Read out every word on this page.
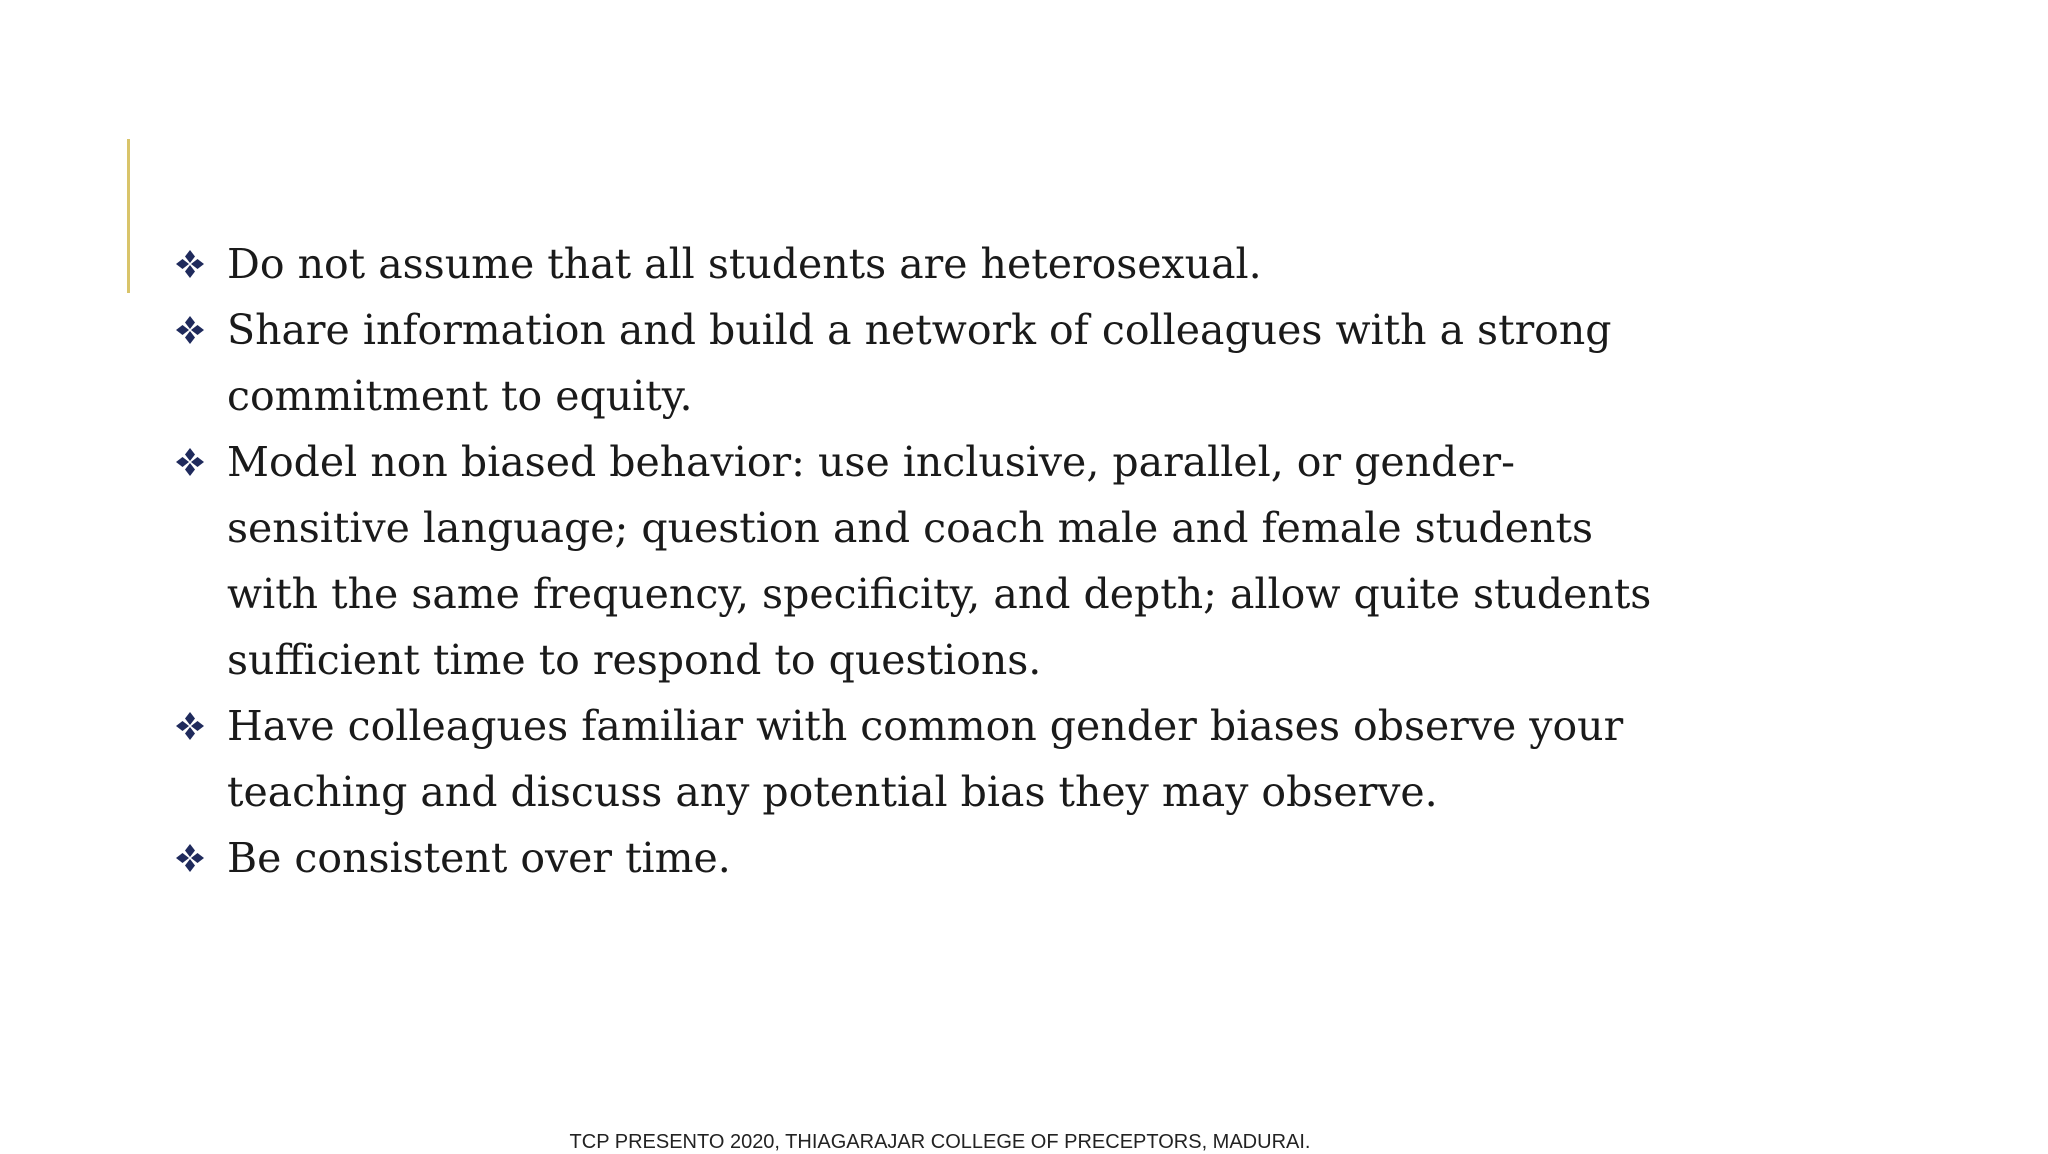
Do not assume that all students are heterosexual.
Share information and build a network of colleagues with a strong commitment to equity.
Model non biased behavior: use inclusive, parallel, or gender-sensitive language; question and coach male and female students with the same frequency, specificity, and depth; allow quite students sufficient time to respond to questions.
Have colleagues familiar with common gender biases observe your teaching and discuss any potential bias they may observe.
Be consistent over time.
TCP PRESENTO 2020, THIAGARAJAR COLLEGE OF PRECEPTORS, MADURAI.
